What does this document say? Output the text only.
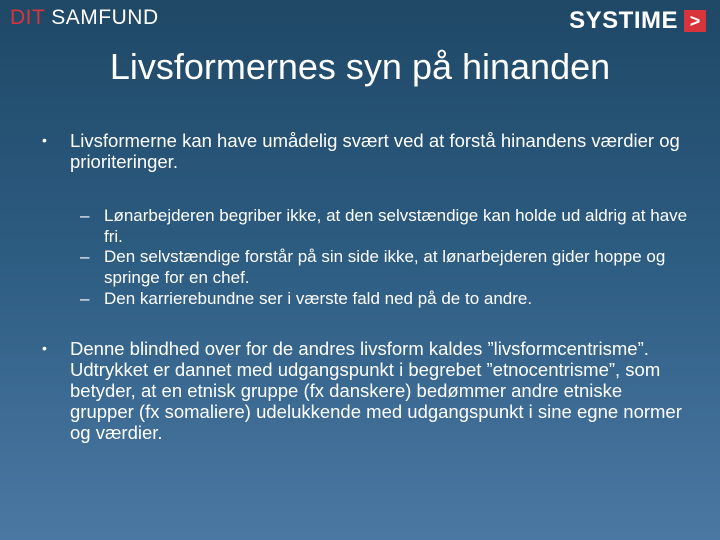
DIT SAMFUND	SYSTIME >
Livsformernes syn på hinanden
•	Livsformerne kan have umådelig svært ved at forstå hinandens værdier og prioriteringer.
– Lønarbejderen begriber ikke, at den selvstændige kan holde ud aldrig at have fri.
– Den selvstændige forstår på sin side ikke, at lønarbejderen gider hoppe og springe for en chef.
– Den karrierebundne ser i værste fald ned på de to andre.
•	Denne blindhed over for de andres livsform kaldes ”livsformcentrisme”. Udtrykket er dannet med udgangspunkt i begrebet ”etnocentrisme”, som betyder, at en etnisk gruppe (fx danskere) bedømmer andre etniske grupper (fx somaliere) udelukkende med udgangspunkt i sine egne normer og værdier.
